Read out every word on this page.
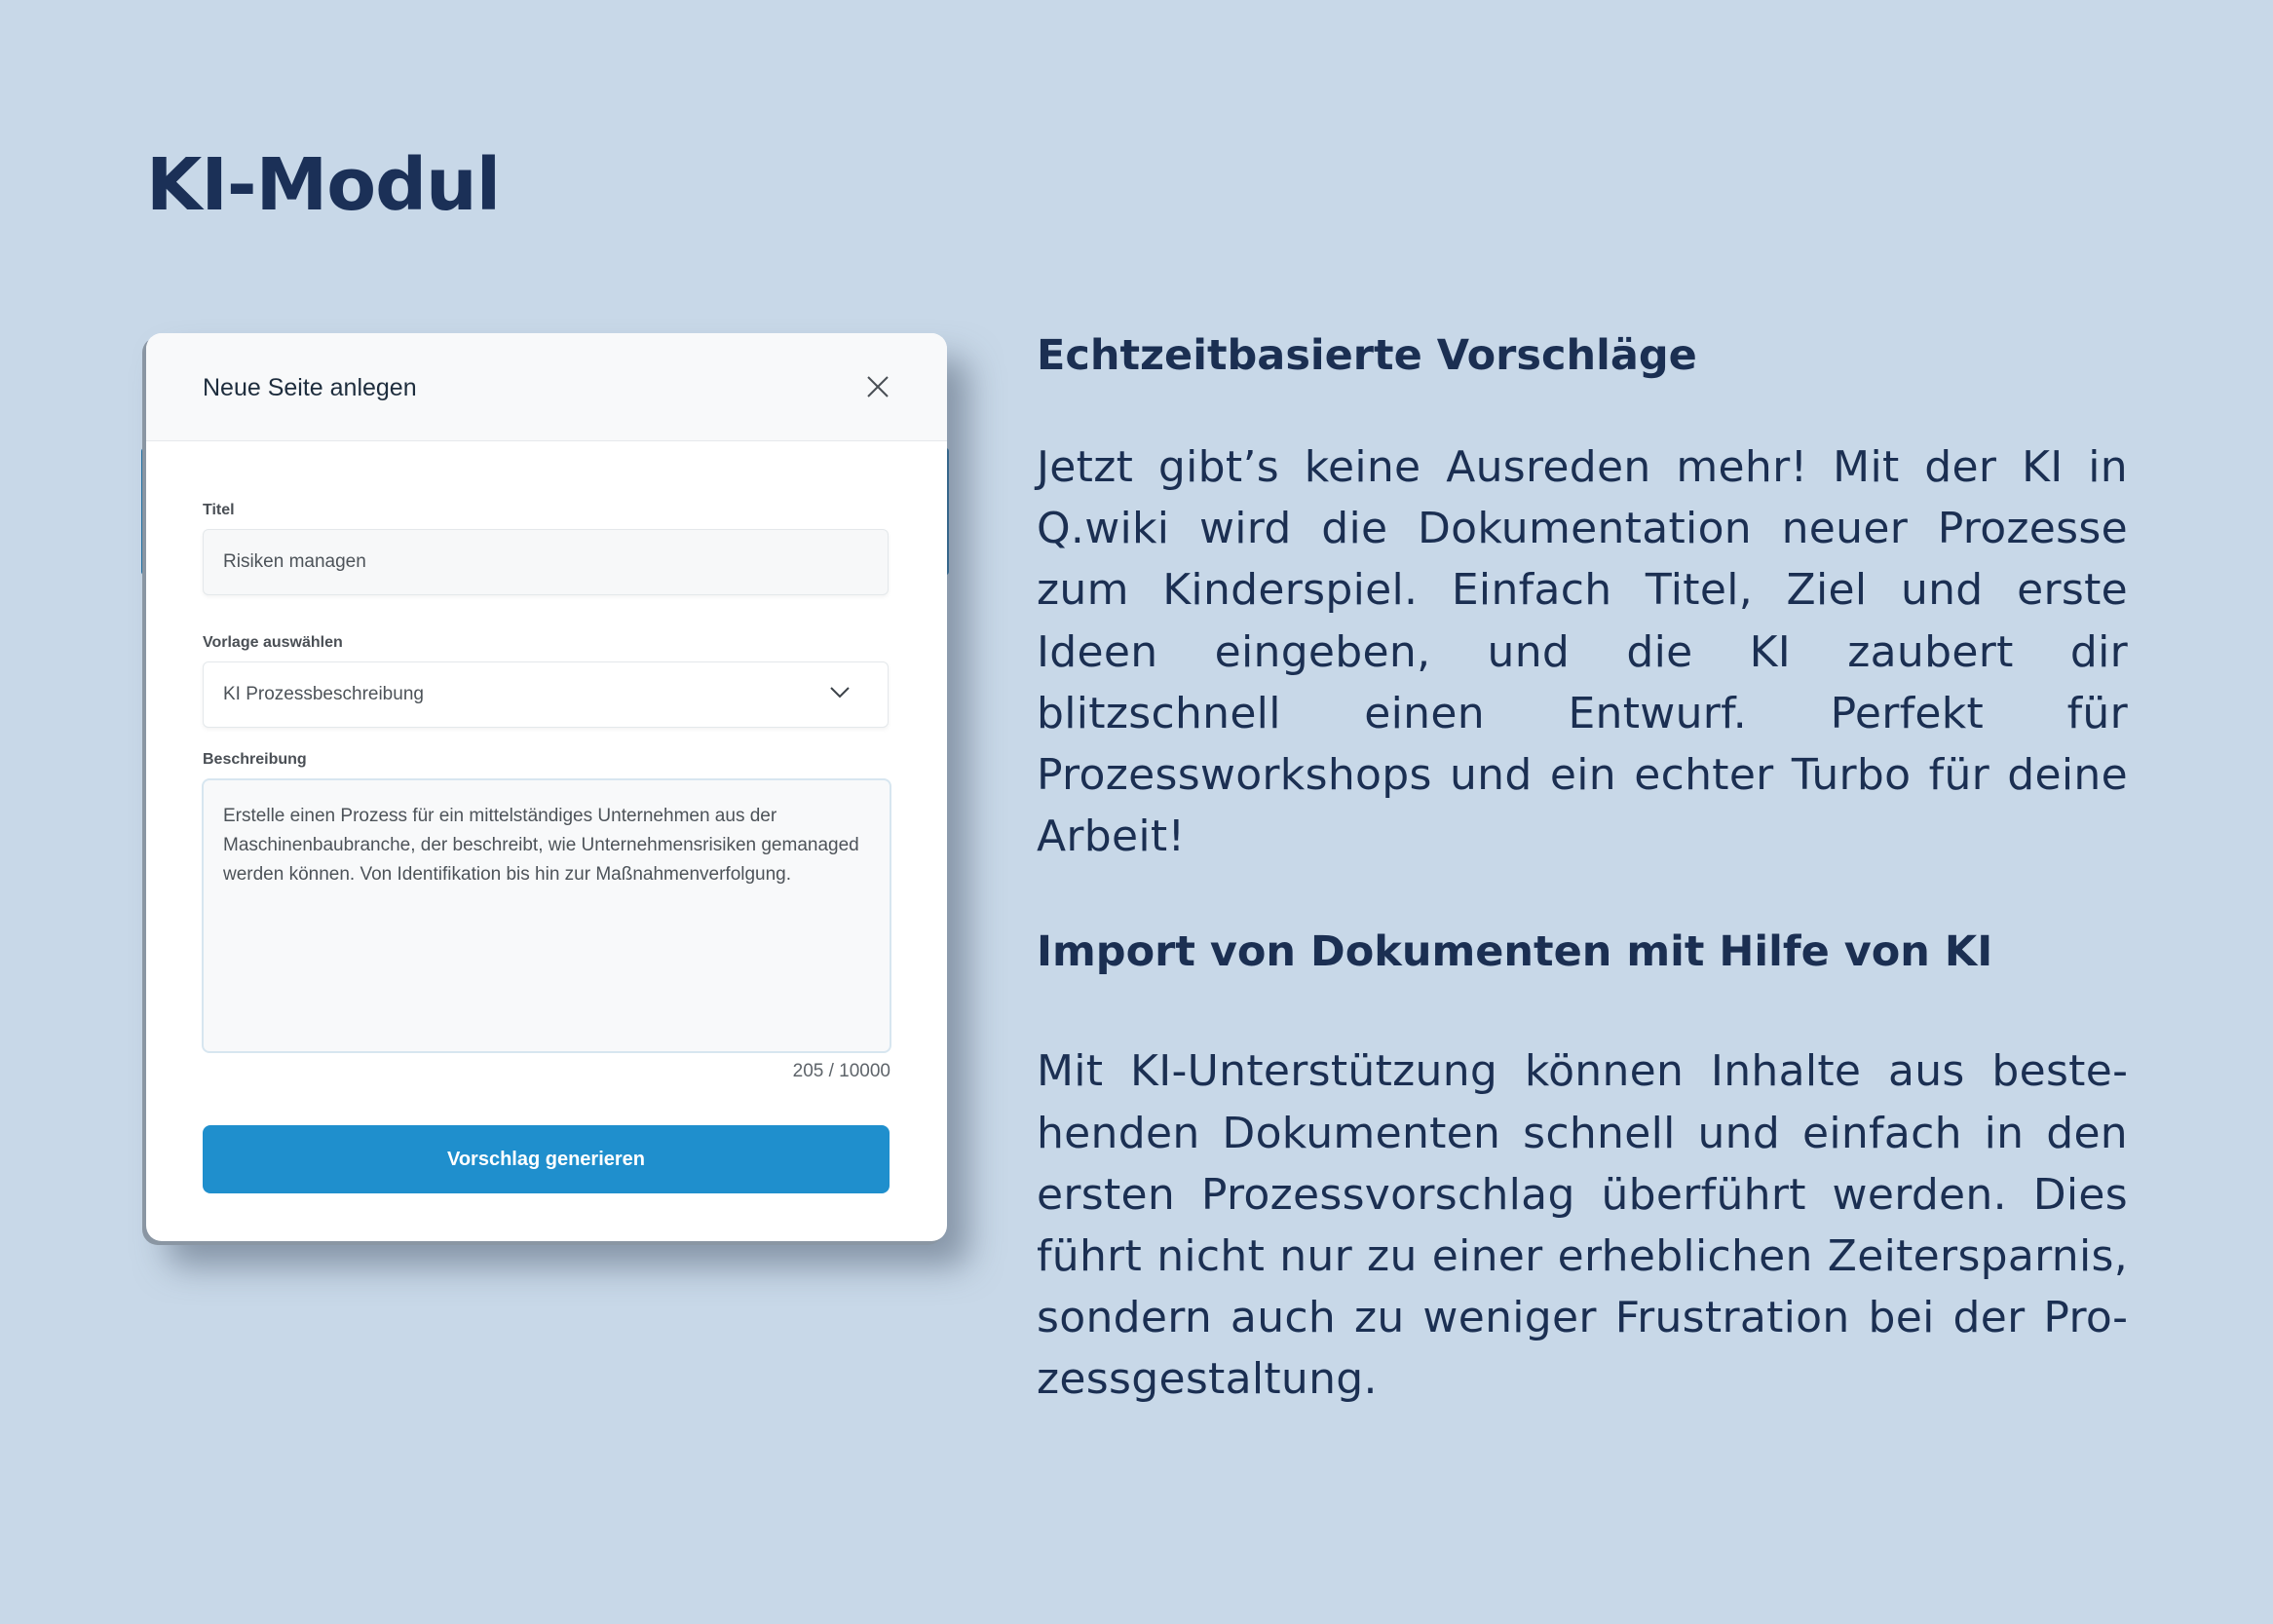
KI-Modul
Neue Seite anlegen
Titel
Risiken managen
Vorlage auswählen
KI Prozessbeschreibung
Beschreibung
Erstelle einen Prozess für ein mittelständiges Unternehmen aus der Maschinenbaubranche, der beschreibt, wie Unternehmensrisiken gemanaged werden können. Von Identifikation bis hin zur Maßnahmenverfolgung.
205 / 10000
Vorschlag generieren
Echtzeitbasierte Vorschläge

Jetzt gibt’s keine Ausreden mehr! Mit der KI in Q.wiki wird die Dokumentation neuer Prozesse zum Kinderspiel. Einfach Titel, Ziel und erste Ideen eingeben, und die KI zaubert dir blitzschnell einen Entwurf. Perfekt für Prozessworkshops und ein echter Turbo für deine Arbeit!

Import von Dokumenten mit Hilfe von KI

Mit KI-Unterstützung können Inhalte aus bestehenden Dokumenten schnell und einfach in den ersten Prozessvorschlag überführt werden. Dies führt nicht nur zu einer erheblichen Zeitersparnis, sondern auch zu weniger Frustration bei der Prozessgestaltung.
